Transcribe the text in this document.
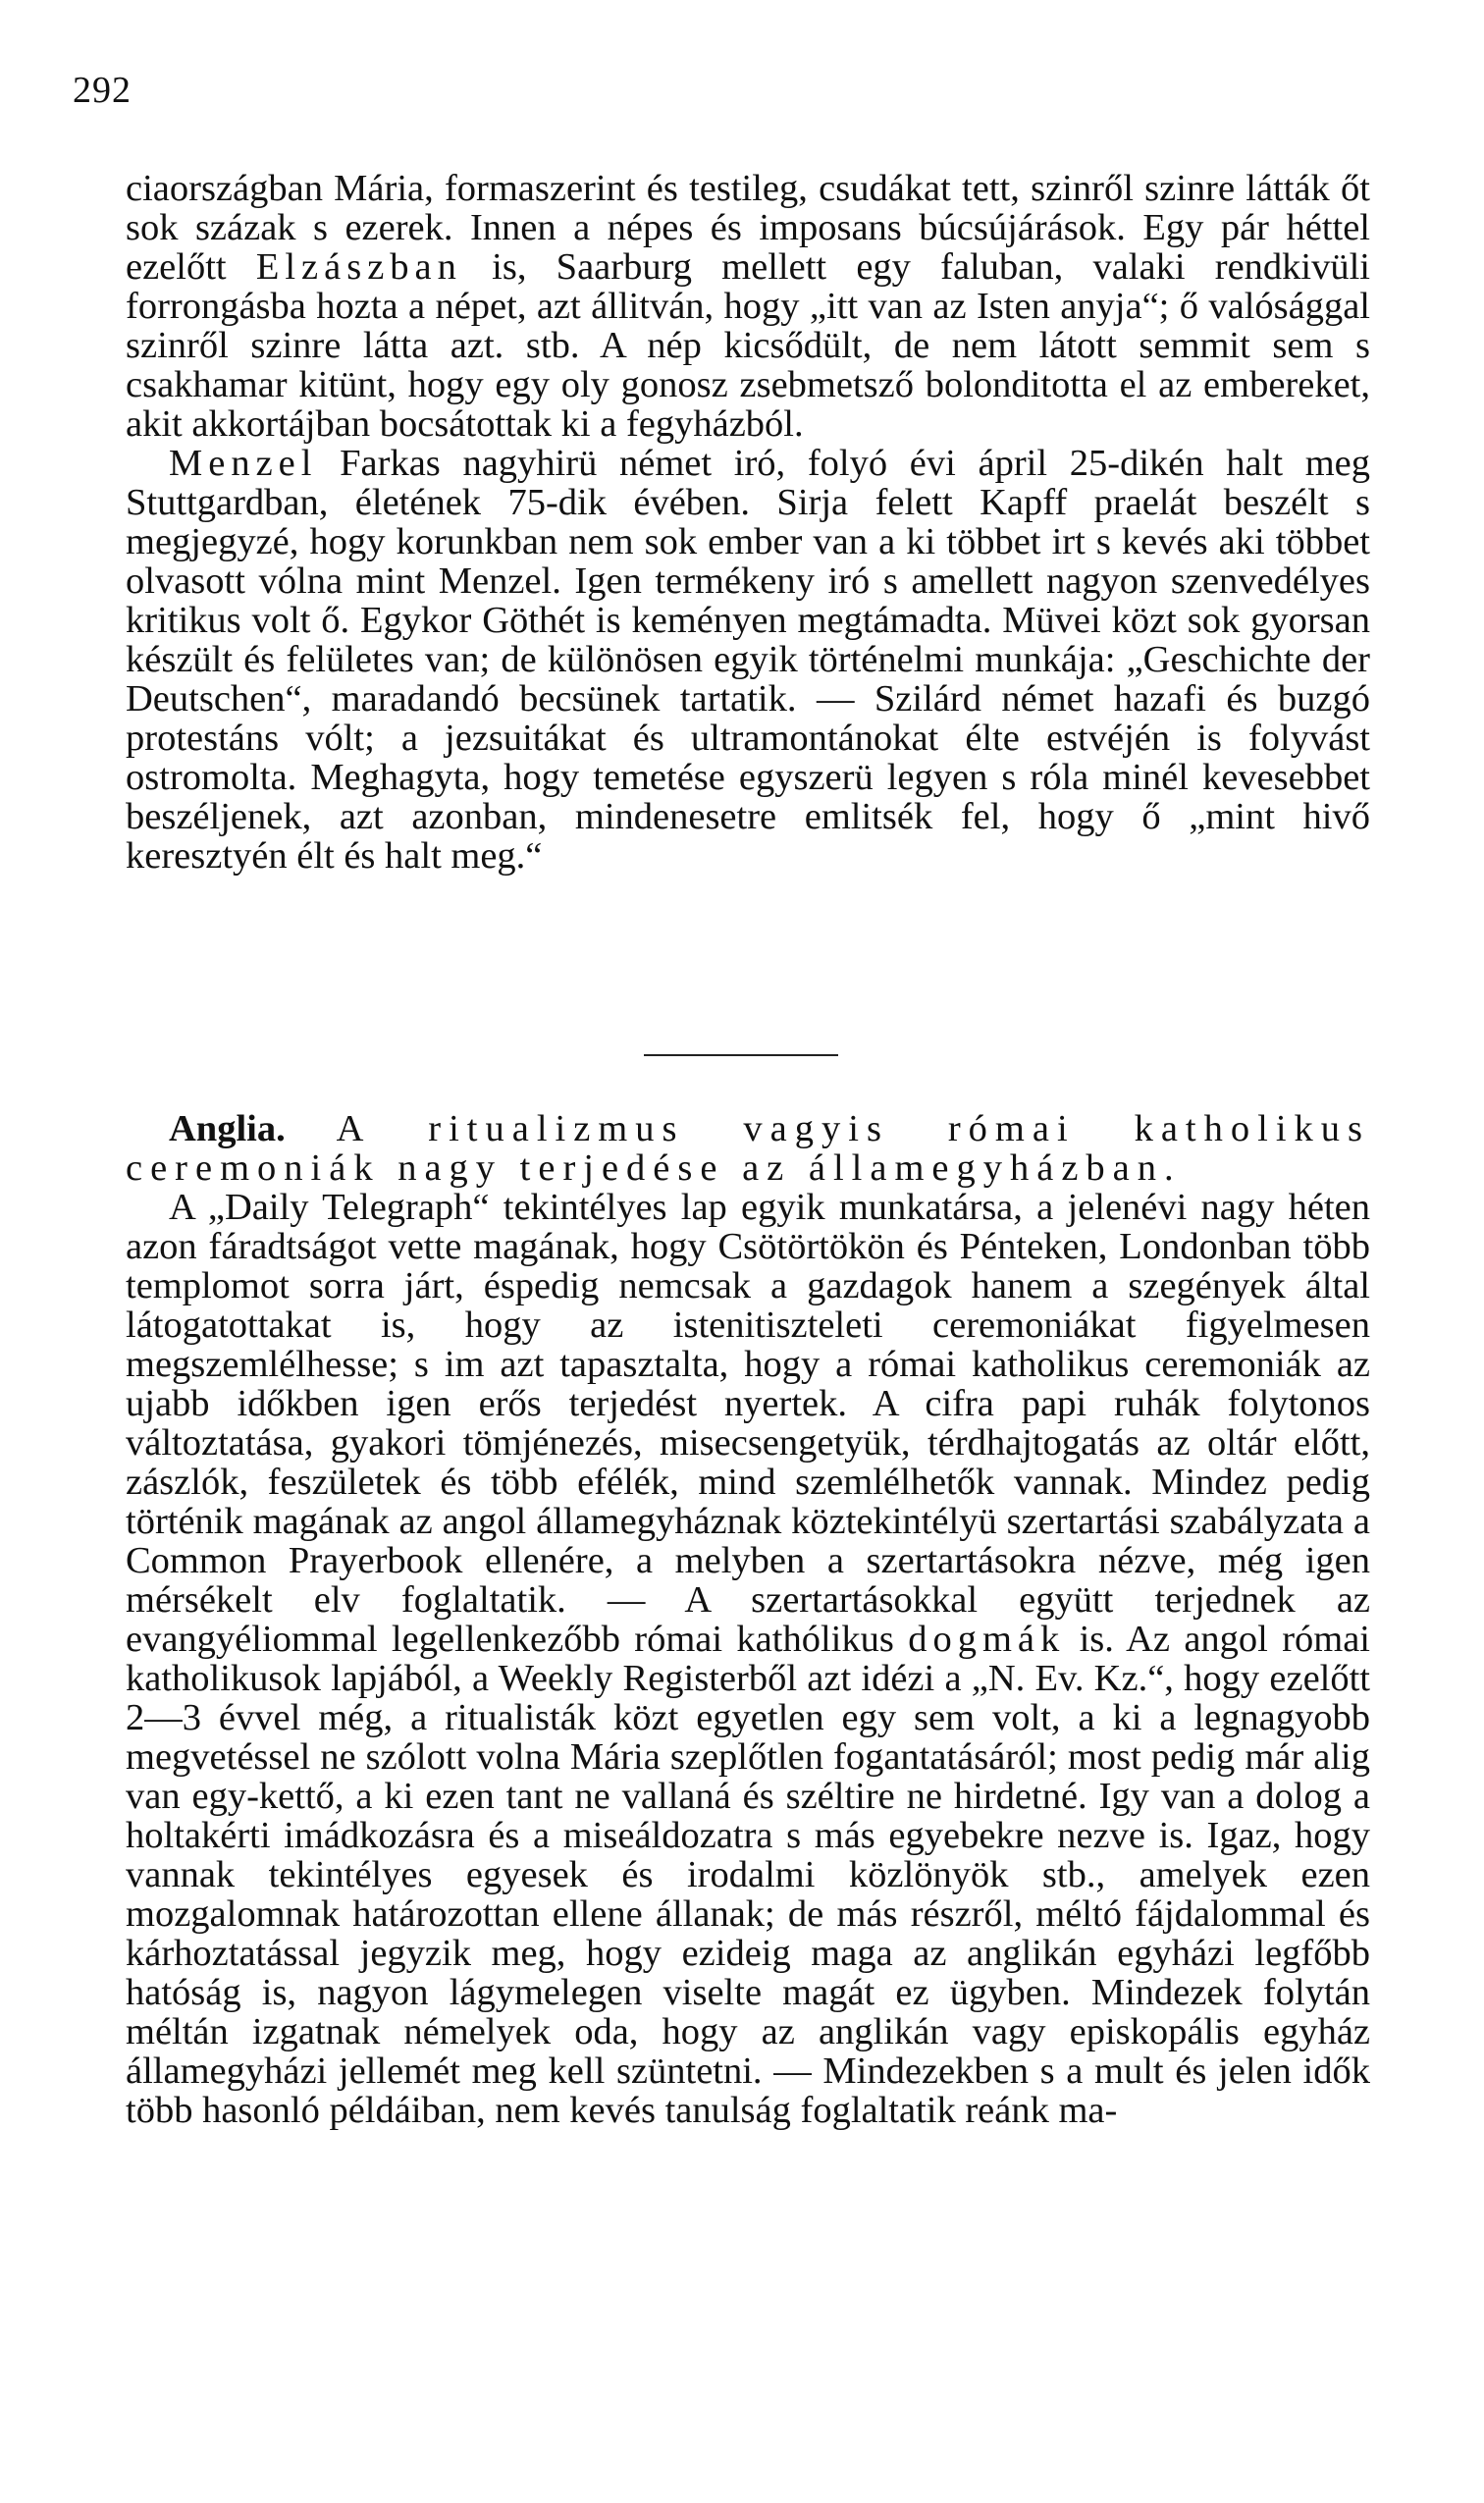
292

ciaországban Mária, formaszerint és testileg, csudákat tett, szinről szinre látták őt sok százak s ezerek. Innen a népes és imposans búcsújárások. Egy pár héttel ezelőtt Elzászban is, Saarburg mellett egy faluban, valaki rendkivüli forrongásba hozta a népet, azt állitván, hogy „itt van az Isten anyja“; ő valósággal szinről szinre látta azt. stb. A nép kicsődült, de nem látott semmit sem s csakhamar kitünt, hogy egy oly gonosz zsebmetsző bolonditotta el az embereket, akit akkortájban bocsátottak ki a fegyházból.

Menzel Farkas nagyhirü német iró, folyó évi ápril 25-dikén halt meg Stuttgardban, életének 75-dik évében. Sirja felett Kapff praelát beszélt s megjegyzé, hogy korunkban nem sok ember van a ki többet irt s kevés aki többet olvasott vólna mint Menzel. Igen termékeny iró s amellett nagyon szenvedélyes kritikus volt ő. Egykor Göthét is keményen megtámadta. Müvei közt sok gyorsan készült és felületes van; de különösen egyik történelmi munkája: „Geschichte der Deutschen“, maradandó becsünek tartatik. — Szilárd német hazafi és buzgó protestáns vólt; a jezsuitákat és ultramontánokat élte estvéjén is folyvást ostromolta. Meghagyta, hogy temetése egyszerü legyen s róla minél kevesebbet beszéljenek, azt azonban, mindenesetre emlitsék fel, hogy ő „mint hivő keresztyén élt és halt meg.“

Anglia. A ritualizmus vagyis római katholikus ceremoniák nagy terjedése az államegyházban.

A „Daily Telegraph“ tekintélyes lap egyik munkatársa, a jelenévi nagy héten azon fáradtságot vette magának, hogy Csötörtökön és Pénteken, Londonban több templomot sorra járt, éspedig nemcsak a gazdagok hanem a szegények által látogatottakat is, hogy az istenitiszteleti ceremoniákat figyelmesen megszemlélhesse; s im azt tapasztalta, hogy a római katholikus ceremoniák az ujabb időkben igen erős terjedést nyertek. A cifra papi ruhák folytonos változtatása, gyakori tömjénezés, misecsengetyük, térdhajtogatás az oltár előtt, zászlók, feszületek és több efélék, mind szemlélhetők vannak. Mindez pedig történik magának az angol államegyháznak köztekintélyü szertartási szabályzata a Common Prayerbook ellenére, a melyben a szertartásokra nézve, még igen mérsékelt elv foglaltatik. — A szertartásokkal együtt terjednek az evangyéliommal legellenkezőbb római kathólikus dogmák is. Az angol római katholikusok lapjából, a Weekly Registerből azt idézi a „N. Ev. Kz.“, hogy ezelőtt 2—3 évvel még, a ritualisták közt egyetlen egy sem volt, a ki a legnagyobb megvetéssel ne szólott volna Mária szeplőtlen fogantatásáról; most pedig már alig van egy-kettő, a ki ezen tant ne vallaná és széltire ne hirdetné. Igy van a dolog a holtakérti imádkozásra és a miseáldozatra s más egyebekre nezve is. Igaz, hogy vannak tekintélyes egyesek és irodalmi közlönyök stb., amelyek ezen mozgalomnak határozottan ellene állanak; de más részről, méltó fájdalommal és kárhoztatással jegyzik meg, hogy ezideig maga az anglikán egyházi legfőbb hatóság is, nagyon lágymelegen viselte magát ez ügyben. Mindezek folytán méltán izgatnak némelyek oda, hogy az anglikán vagy episkopális egyház államegyházi jellemét meg kell szüntetni. — Mindezekben s a mult és jelen idők több hasonló példáiban, nem kevés tanulság foglaltatik reánk ma-
